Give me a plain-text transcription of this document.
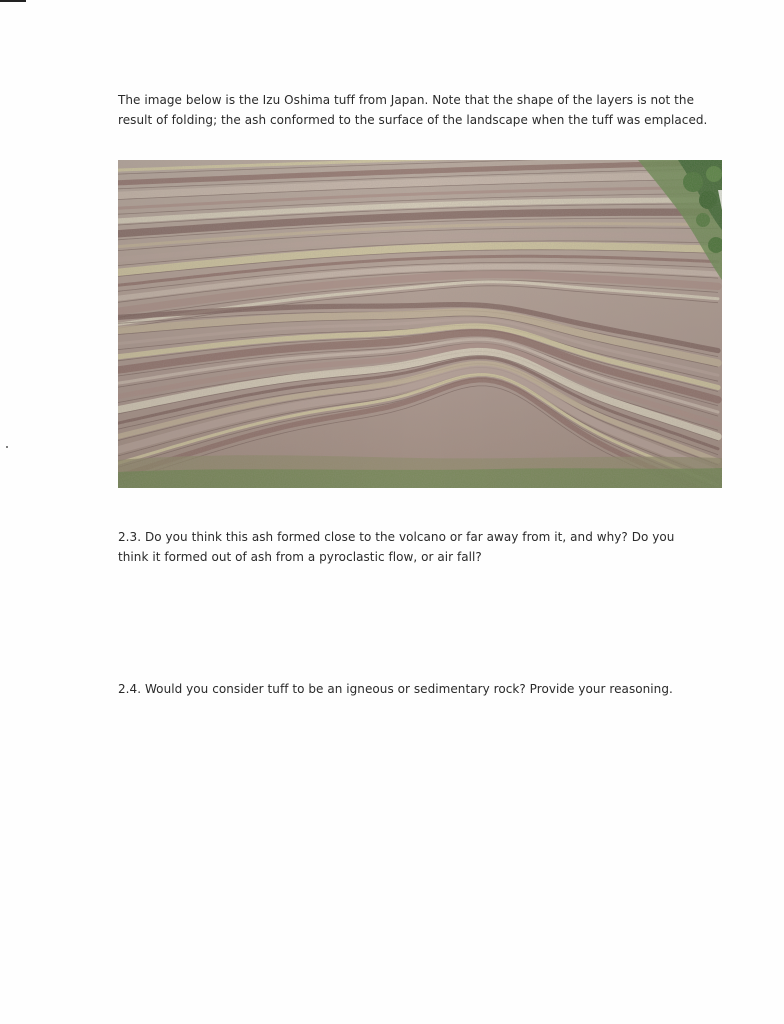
The image below is the Izu Oshima tuff from Japan. Note that the shape of the layers is not the result of folding; the ash conformed to the surface of the landscape when the tuff was emplaced.

2.3. Do you think this ash formed close to the volcano or far away from it, and why? Do you think it formed out of ash from a pyroclastic flow, or air fall?

2.4. Would you consider tuff to be an igneous or sedimentary rock? Provide your reasoning.
